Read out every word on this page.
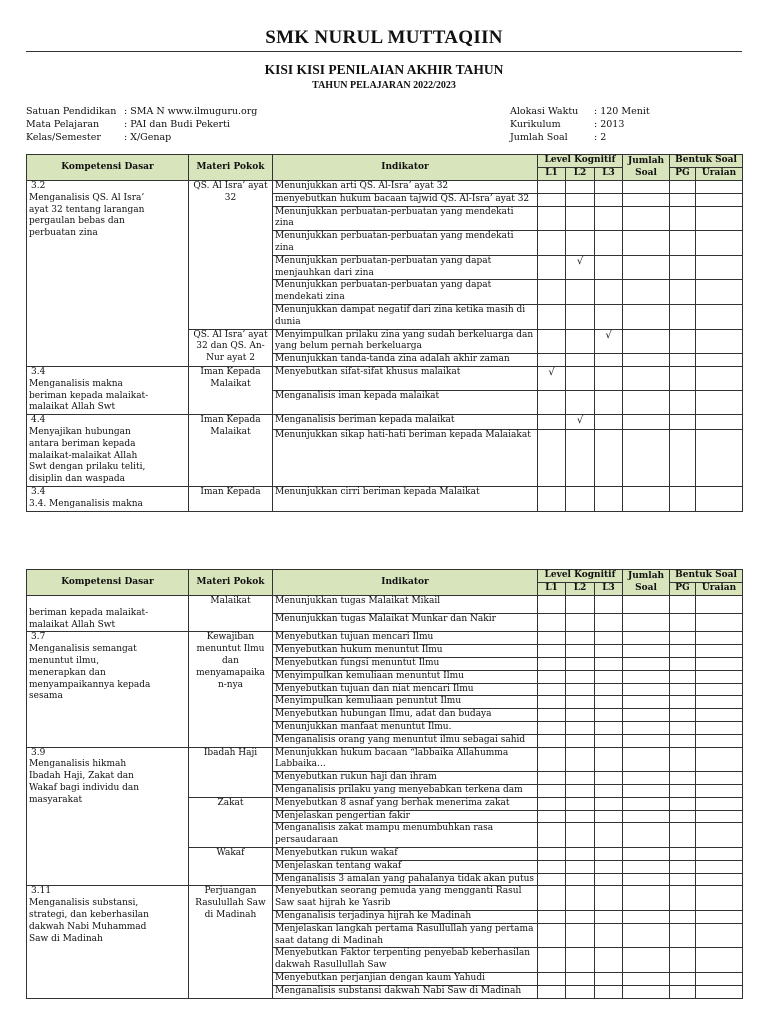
SMK NURUL MUTTAQIIN
KISI KISI PENILAIAN AKHIR TAHUN
TAHUN PELAJARAN 2022/2023
Satuan Pendidikan : SMA N www.ilmuguru.org
Mata Pelajaran	: PAI dan Budi Pekerti
Kelas/Semester	: X/Genap
Alokasi Waktu	: 120 Menit
Kurikulum	: 2013
Jumlah Soal	: 2
Kompetensi Dasar	Materi Pokok	Indikator	Level Kognitif			Jumlah Soal	Bentuk Soal	
			L1	L2	L3		PG	Uraian
3.2Menganalisis QS. Al Isra’ ayat 32 tentang larangan pergaulan bebas dan perbuatan zina	QS. Al Isra’ ayat 32	Menunjukkan arti QS. Al-Isra’ ayat 32						
		menyebutkan hukum bacaan tajwid QS. Al-Isra’ ayat 32						
		Menunjukkan perbuatan-perbuatan yang mendekati zina						
		Menunjukkan perbuatan-perbuatan yang mendekati zina						
		Menunjukkan perbuatan-perbuatan yang dapat menjauhkan dari zina		√				
		Menunjukkan perbuatan-perbuatan yang dapat mendekati zina						
		Menunjukkan dampat negatif dari zina ketika masih di dunia						
	QS. Al Isra’ ayat 32 dan QS. An-Nur ayat 2	Menyimpulkan prilaku zina yang sudah berkeluarga dan yang belum pernah berkeluarga			√			
		Menunjukkan tanda-tanda zina adalah akhir zaman						
3.4Menganalisis makna beriman kepada malaikat-malaikat Allah Swt	Iman Kepada Malaikat	Menyebutkan sifat-sifat khusus malaikat	√					
		Menganalisis iman kepada malaikat						
4.4Menyajikan hubungan antara beriman kepada malaikat-malaikat Allah Swt dengan prilaku teliti, disiplin dan waspada	Iman Kepada Malaikat	Menganalisis beriman kepada malaikat		√				
		Menunjukkan sikap hati-hati beriman kepada Malaiakat						
3.43.4. Menganalisis makna	Iman Kepada	Menunjukkan cirri beriman kepada Malaikat						
Kompetensi Dasar	Materi Pokok	Indikator	Level Kognitif			Jumlah Soal	Bentuk Soal	
			L1	L2	L3		PG	Uraian
beriman kepada malaikat-malaikat Allah Swt	Malaikat	Menunjukkan tugas Malaikat Mikail						
		Menunjukkan tugas Malaikat Munkar dan Nakir						
3.7Menganalisis semangat menuntut ilmu, menerapkan dan menyampaikannya kepada sesama	Kewajiban menuntut Ilmu dan menyamapaika n-nya	Menyebutkan tujuan mencari Ilmu						
		Menyebutkan hukum menuntut Ilmu						
		Menyebutkan fungsi menuntut Ilmu						
		Menyimpulkan kemuliaan menuntut Ilmu						
		Menyebutkan tujuan dan niat mencari Ilmu						
		Menyimpulkan kemuliaan penuntut Ilmu						
		Menyebutkan hubungan Ilmu, adat dan budaya						
		Menunjukkan manfaat menuntut Ilmu.						
		Menganalisis orang yang menuntut ilmu sebagai sahid						
3.9Menganalisis hikmah Ibadah Haji, Zakat dan Wakaf bagi individu dan masyarakat	Ibadah Haji	Menunjukkan hukum bacaan “labbaika Allahumma Labbaika…						
		Menyebutkan rukun haji dan ihram						
		Menganalisis prilaku yang menyebabkan terkena dam						
	Zakat	Menyebutkan 8 asnaf yang berhak menerima zakat						
		Menjelaskan pengertian fakir						
		Menganalisis zakat mampu menumbuhkan rasa persaudaraan						
	Wakaf	Menyebutkan rukun wakaf						
		Menjelaskan tentang wakaf						
		Menganalisis 3 amalan yang pahalanya tidak akan putus						
3.11Menganalisis substansi, strategi, dan keberhasilan dakwah Nabi Muhammad Saw di Madinah	Perjuangan Rasulullah Saw di Madinah	Menyebutkan seorang pemuda yang mengganti Rasul Saw saat hijrah ke Yasrib						
		Menganalisis terjadinya hijrah ke Madinah						
		Menjelaskan langkah pertama Rasullullah yang pertama saat datang di Madinah						
		Menyebutkan Faktor terpenting penyebab keberhasilan dakwah Rasullullah Saw						
		Menyebutkan perjanjian dengan kaum Yahudi						
		Menganalisis substansi dakwah Nabi Saw di Madinah						
